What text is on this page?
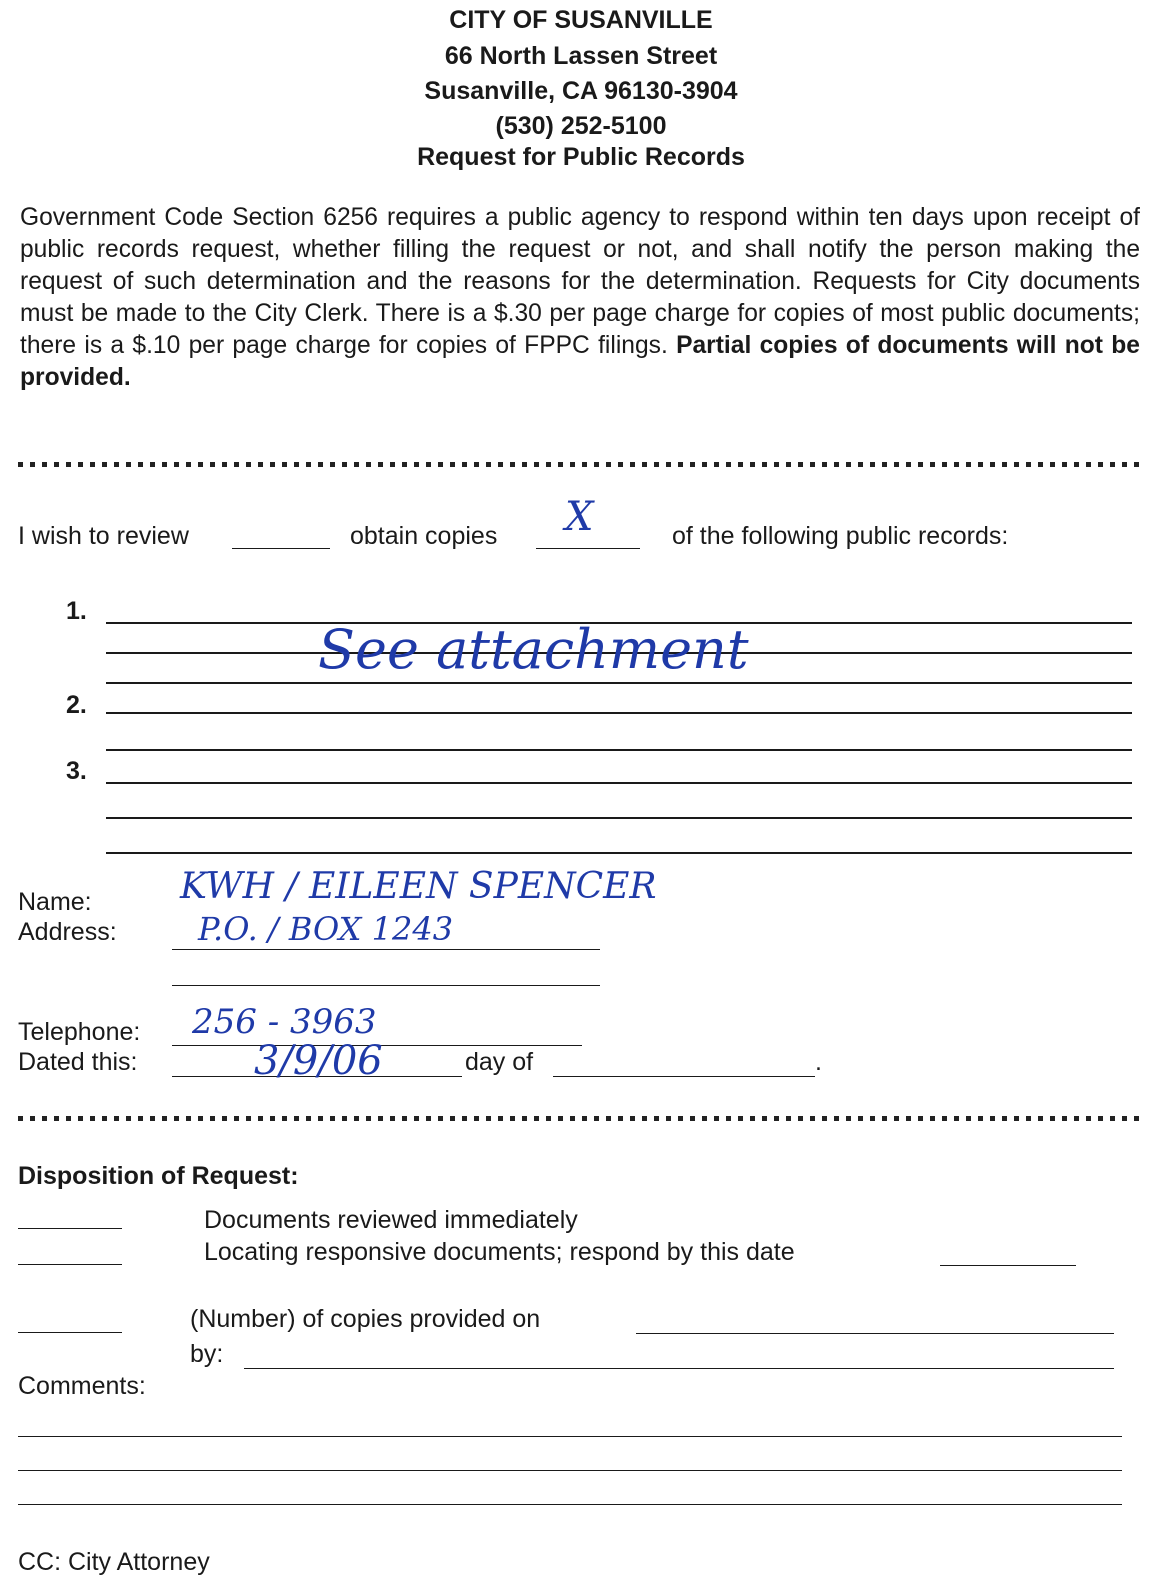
CITY OF SUSANVILLE
66 North Lassen Street
Susanville, CA 96130-3904
(530) 252-5100
Request for Public Records
Government Code Section 6256 requires a public agency to respond within ten days upon receipt of public records request, whether filling the request or not, and shall notify the person making the request of such determination and the reasons for the determination. Requests for City documents must be made to the City Clerk. There is a $.30 per page charge for copies of most public documents; there is a $.10 per page charge for copies of FPPC filings. Partial copies of documents will not be provided.
I wish to review	obtain copies X	of the following public records:
1.
2.
3.
See attachment
Name: KWH / EILEEN SPENCER
Address:	P.O. / BOX 1243
Telephone: 256 - 3963
Dated this:	3/9/06	day of	.
Disposition of Request:
Documents reviewed immediately
Locating responsive documents; respond by this date
(Number) of copies provided on
by:
Comments:
CC: City Attorney
